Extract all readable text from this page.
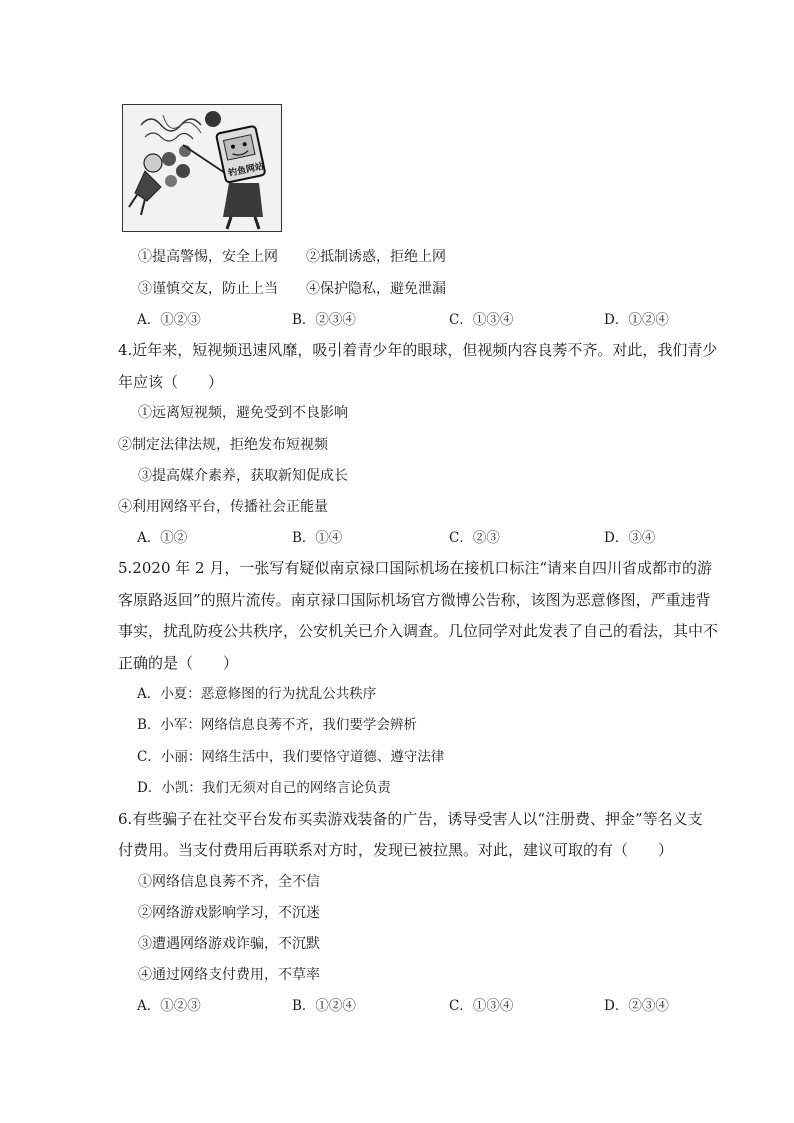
钓鱼网站
①提高警惕，安全上网 ②抵制诱惑，拒绝上网
③谨慎交友，防止上当 ④保护隐私，避免泄漏
A．①②③	B．②③④	C．①③④	D．①②④
4.近年来，短视频迅速风靡，吸引着青少年的眼球，但视频内容良莠不齐。对此，我们青少
年应该（　　）
①远离短视频，避免受到不良影响
②制定法律法规，拒绝发布短视频
③提高媒介素养，获取新知促成长
④利用网络平台，传播社会正能量
A．①②	B．①④	C．②③	D．③④
5.2020 年 2 月，一张写有疑似南京禄口国际机场在接机口标注“请来自四川省成都市的游
客原路返回”的照片流传。南京禄口国际机场官方微博公告称，该图为恶意修图，严重违背
事实，扰乱防疫公共秩序，公安机关已介入调查。几位同学对此发表了自己的看法，其中不
正确的是（　　）
A．小夏：恶意修图的行为扰乱公共秩序
B．小军：网络信息良莠不齐，我们要学会辨析
C．小丽：网络生活中，我们要恪守道德、遵守法律
D．小凯：我们无须对自己的网络言论负责
6.有些骗子在社交平台发布买卖游戏装备的广告，诱导受害人以“注册费、押金”等名义支
付费用。当支付费用后再联系对方时，发现已被拉黑。对此，建议可取的有（　　）
①网络信息良莠不齐，全不信
②网络游戏影响学习，不沉迷
③遭遇网络游戏诈骗，不沉默
④通过网络支付费用，不草率
A．①②③	B．①②④	C．①③④	D．②③④
